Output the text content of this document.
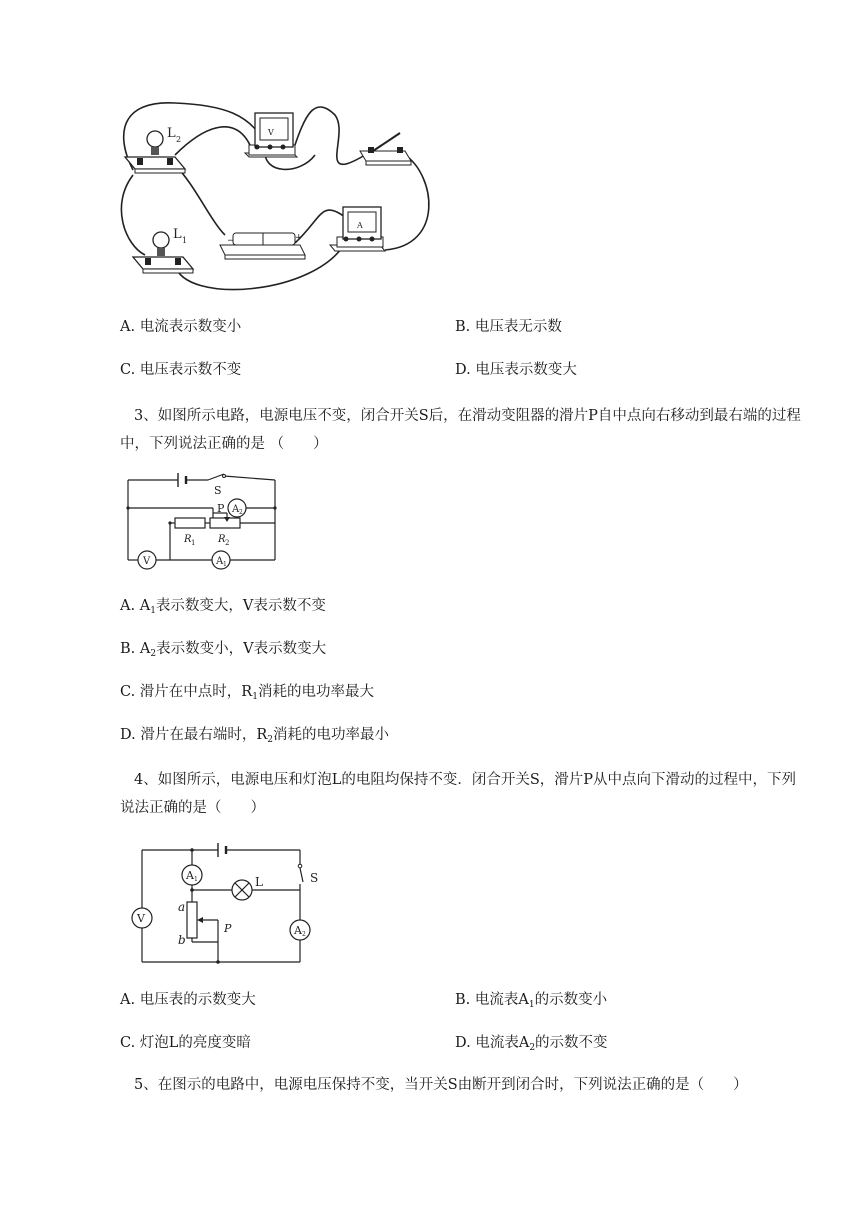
L 2
L 1
V
−	+
A
A. 电流表示数变小	B. 电压表无示数
C. 电压表示数不变	D. 电压表示数变大
3、如图所示电路，电源电压不变，闭合开关S后，在滑动变阻器的滑片P自中点向右移动到最右端的过程中，下列说法正确的是 （　　）
S
R 1
P
R 2
A 2
V	A 1
A. $A_1$表示数变大，V表示数不变
B. $A_2$表示数变小，V表示数变大
C. 滑片在中点时，$R_1$消耗的电功率最大
D. 滑片在最右端时，$R_2$消耗的电功率最小
4、如图所示，电源电压和灯泡L的电阻均保持不变．闭合开关S，滑片P从中点向下滑动的过程中，下列说法正确的是（　　）
S
A 1	L
V
a
b
P	A 2
A. 电压表的示数变大	B. 电流表$A_1$的示数变小
C. 灯泡L的亮度变暗	D. 电流表$A_2$的示数不变
5、在图示的电路中，电源电压保持不变，当开关S由断开到闭合时，下列说法正确的是（　　）
